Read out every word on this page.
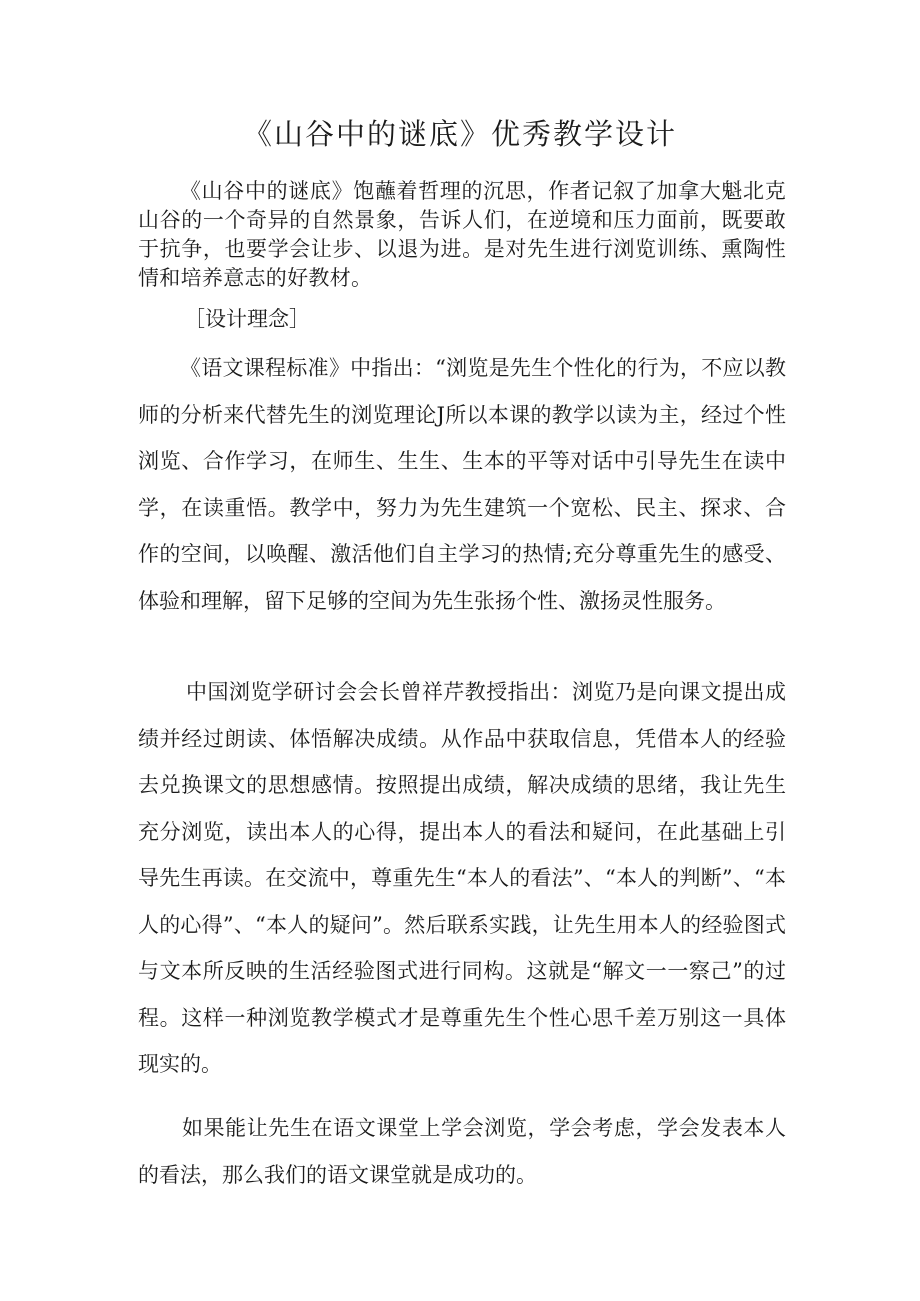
《山谷中的谜底》优秀教学设计

《山谷中的谜底》饱蘸着哲理的沉思，作者记叙了加拿大魁北克山谷的一个奇异的自然景象，告诉人们，在逆境和压力面前，既要敢于抗争，也要学会让步、以退为进。是对先生进行浏览训练、熏陶性情和培养意志的好教材。

［设计理念］

《语文课程标准》中指出：“浏览是先生个性化的行为，不应以教师的分析来代替先生的浏览理论J所以本课的教学以读为主，经过个性浏览、合作学习，在师生、生生、生本的平等对话中引导先生在读中学，在读重悟。教学中，努力为先生建筑一个宽松、民主、探求、合作的空间，以唤醒、激活他们自主学习的热情;充分尊重先生的感受、体验和理解，留下足够的空间为先生张扬个性、激扬灵性服务。

中国浏览学研讨会会长曾祥芹教授指出：浏览乃是向课文提出成绩并经过朗读、体悟解决成绩。从作品中获取信息，凭借本人的经验去兑换课文的思想感情。按照提出成绩，解决成绩的思绪，我让先生充分浏览，读出本人的心得，提出本人的看法和疑问，在此基础上引导先生再读。在交流中，尊重先生“本人的看法”、“本人的判断”、“本人的心得”、“本人的疑问”。然后联系实践，让先生用本人的经验图式与文本所反映的生活经验图式进行同构。这就是“解文一一察己”的过程。这样一种浏览教学模式才是尊重先生个性心思千差万别这一具体现实的。

如果能让先生在语文课堂上学会浏览，学会考虑，学会发表本人的看法，那么我们的语文课堂就是成功的。
